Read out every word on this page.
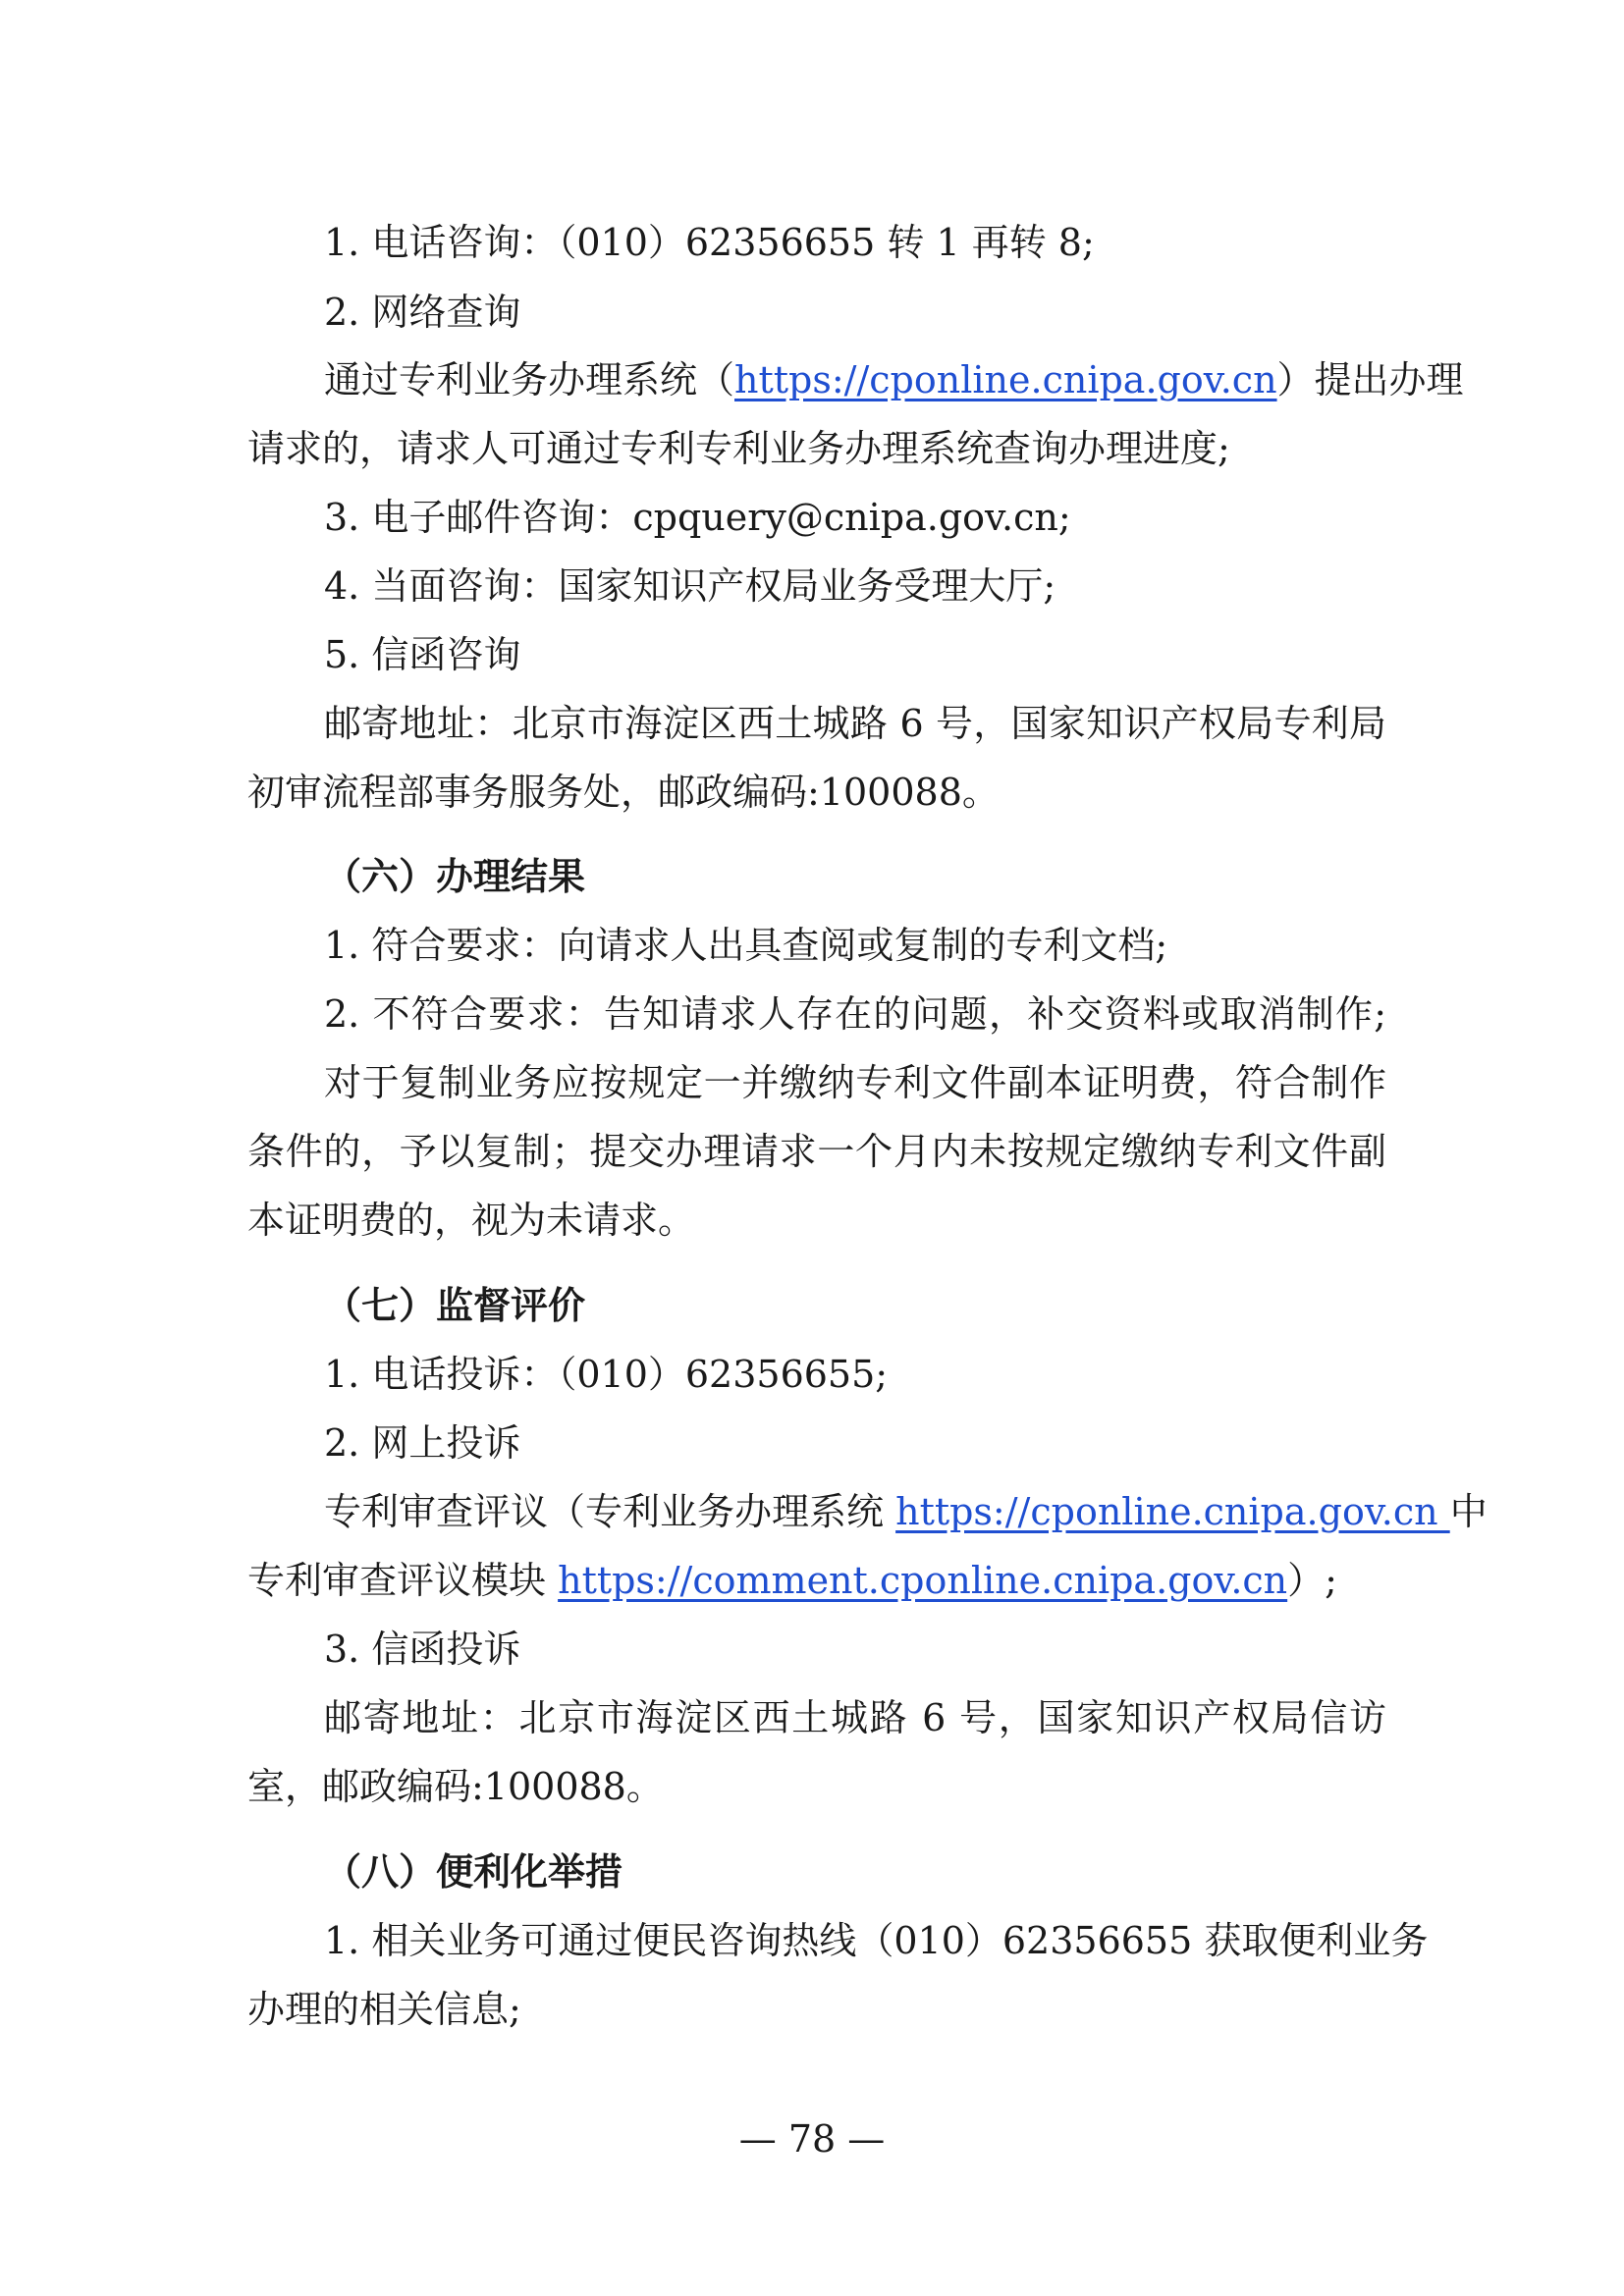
1. 电话咨询：（010）62356655 转 1 再转 8;
2. 网络查询
通过专利业务办理系统（https://cponline.cnipa.gov.cn）提出办理
请求的，请求人可通过专利专利业务办理系统查询办理进度;
3. 电子邮件咨询：cpquery@cnipa.gov.cn;
4. 当面咨询：国家知识产权局业务受理大厅;
5. 信函咨询
邮寄地址：北京市海淀区西土城路 6 号，国家知识产权局专利局
初审流程部事务服务处，邮政编码:100088。
（六）办理结果
1. 符合要求：向请求人出具查阅或复制的专利文档;
2. 不符合要求：告知请求人存在的问题，补交资料或取消制作;
对于复制业务应按规定一并缴纳专利文件副本证明费，符合制作
条件的，予以复制；提交办理请求一个月内未按规定缴纳专利文件副
本证明费的，视为未请求。
（七）监督评价
1. 电话投诉：（010）62356655;
2. 网上投诉
专利审查评议（专利业务办理系统 https://cponline.cnipa.gov.cn 中
专利审查评议模块 https://comment.cponline.cnipa.gov.cn）;
3. 信函投诉
邮寄地址：北京市海淀区西土城路 6 号，国家知识产权局信访
室，邮政编码:100088。
（八）便利化举措
1. 相关业务可通过便民咨询热线（010）62356655 获取便利业务
办理的相关信息;
— 78 —
